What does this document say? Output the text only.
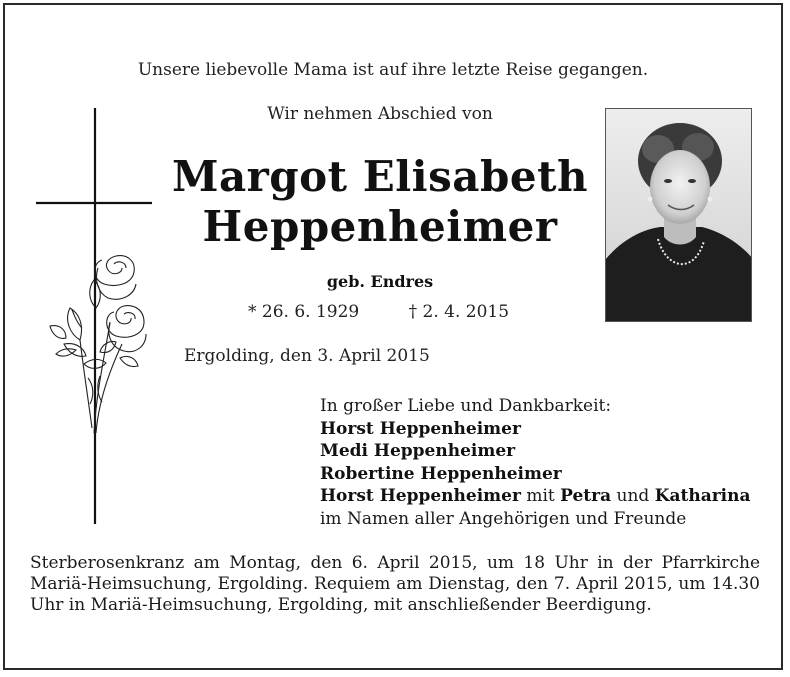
Unsere liebevolle Mama ist auf ihre letzte Reise gegangen.
Wir nehmen Abschied von
Margot Elisabeth
Heppenheimer
geb. Endres
* 26. 6. 1929	† 2. 4. 2015
Ergolding, den 3. April 2015
In großer Liebe und Dankbarkeit:
Horst Heppenheimer
Medi Heppenheimer
Robertine Heppenheimer
Horst Heppenheimer mit Petra und Katharina
im Namen aller Angehörigen und Freunde
Sterberosenkranz am Montag, den 6. April 2015, um 18 Uhr in der Pfarrkirche Mariä-Heimsuchung, Ergolding. Requiem am Dienstag, den 7. April 2015, um 14.30 Uhr in Mariä-Heimsuchung, Ergolding, mit anschließender Beerdigung.
